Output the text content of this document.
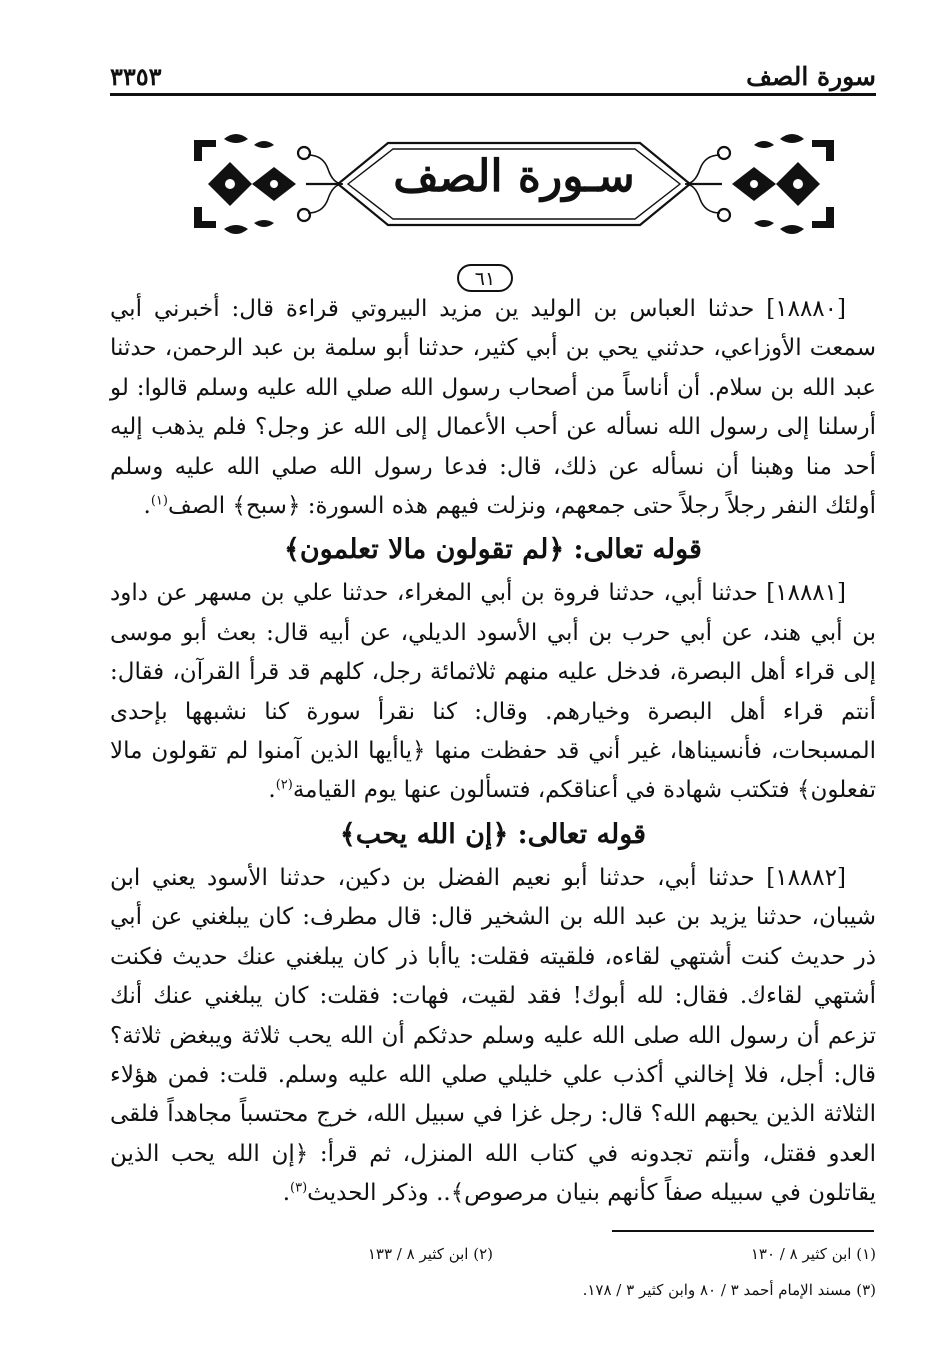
سورة الصف
٣٣٥٣
سـورة الصف
٦١

[١٨٨٨٠] حدثنا العباس بن الوليد ين مزيد البيروتي قراءة قال: أخبرني أبي سمعت الأوزاعي، حدثني يحي بن أبي كثير، حدثنا أبو سلمة بن عبد الرحمن، حدثنا عبد الله بن سلام. أن أناساً من أصحاب رسول الله صلي الله عليه وسلم قالوا: لو أرسلنا إلى رسول الله نسأله عن أحب الأعمال إلى الله عز وجل؟ فلم يذهب إليه أحد منا وهبنا أن نسأله عن ذلك، قال: فدعا رسول الله صلي الله عليه وسلم أولئك النفر رجلاً رجلاً حتى جمعهم، ونزلت فيهم هذه السورة: ﴿سبح﴾ الصف$^{(١)}$.

قوله تعالى: ﴿لم تقولون مالا تعلمون﴾

[١٨٨٨١] حدثنا أبي، حدثنا فروة بن أبي المغراء، حدثنا علي بن مسهر عن داود بن أبي هند، عن أبي حرب بن أبي الأسود الديلي، عن أبيه قال: بعث أبو موسى إلى قراء أهل البصرة، فدخل عليه منهم ثلاثمائة رجل، كلهم قد قرأ القرآن، فقال: أنتم قراء أهل البصرة وخيارهم. وقال: كنا نقرأ سورة كنا نشبهها بإحدى المسبحات، فأنسيناها، غير أني قد حفظت منها ﴿ياأيها الذين آمنوا لم تقولون مالا تفعلون﴾ فتكتب شهادة في أعناقكم، فتسألون عنها يوم القيامة$^{(٢)}$.

قوله تعالى: ﴿إن الله يحب﴾

[١٨٨٨٢] حدثنا أبي، حدثنا أبو نعيم الفضل بن دكين، حدثنا الأسود يعني ابن شيبان، حدثنا يزيد بن عبد الله بن الشخير قال: قال مطرف: كان يبلغني عن أبي ذر حديث كنت أشتهي لقاءه، فلقيته فقلت: ياأبا ذر كان يبلغني عنك حديث فكنت أشتهي لقاءك. فقال: لله أبوك! فقد لقيت، فهات: فقلت: كان يبلغني عنك أنك تزعم أن رسول الله صلى الله عليه وسلم حدثكم أن الله يحب ثلاثة ويبغض ثلاثة؟ قال: أجل، فلا إخالني أكذب علي خليلي صلي الله عليه وسلم. قلت: فمن هؤلاء الثلاثة الذين يحبهم الله؟ قال: رجل غزا في سبيل الله، خرج محتسباً مجاهداً فلقى العدو فقتل، وأنتم تجدونه في كتاب الله المنزل، ثم قرأ: ﴿إن الله يحب الذين يقاتلون في سبيله صفاً كأنهم بنيان مرصوص﴾.. وذكر الحديث$^{(٣)}$.

(١) ابن كثير ٨ / ١٣٠
(٢) ابن كثير ٨ / ١٣٣
(٣) مسند الإمام أحمد ٣ / ٨٠ وابن كثير ٣ / ١٧٨.
